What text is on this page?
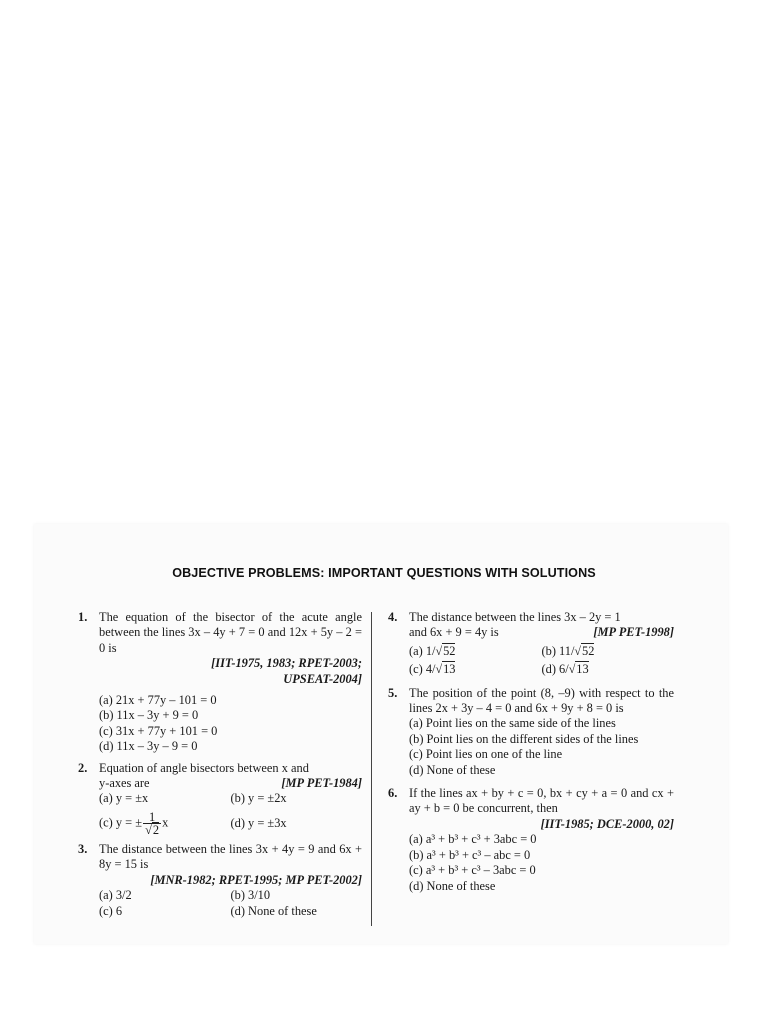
OBJECTIVE PROBLEMS: IMPORTANT QUESTIONS WITH SOLUTIONS
1. The equation of the bisector of the acute angle between the lines 3x – 4y + 7 = 0 and 12x + 5y – 2 = 0 is
[IIT-1975, 1983; RPET-2003;
UPSEAT-2004]
(a) 21x + 77y – 101 = 0
(b) 11x – 3y + 9 = 0
(c) 31x + 77y + 101 = 0
(d) 11x – 3y – 9 = 0
2. Equation of angle bisectors between x and
[MP PET-1984]
y-axes are
(a) y = ±x	(b) y = ±2x
(c) y = ± $\frac{1}{√2}$ x	(d) y = ±3x
3. The distance between the lines 3x + 4y = 9 and 6x + 8y = 15 is
[MNR-1982; RPET-1995; MP PET-2002]
(a) 3/2	(b) 3/10
(c) 6	(d) None of these
4. The distance between the lines 3x – 2y = 1
[MP PET-1998]
and 6x + 9 = 4y is
(a) 1/√52	(b) 11/√52
(c) 4/√13	(d) 6/√13
5. The position of the point (8, –9) with respect to the lines 2x + 3y – 4 = 0 and 6x + 9y + 8 = 0 is
(a) Point lies on the same side of the lines
(b) Point lies on the different sides of the lines
(c) Point lies on one of the line
(d) None of these
6. If the lines ax + by + c = 0, bx + cy + a = 0 and cx + ay + b = 0 be concurrent, then
[IIT-1985; DCE-2000, 02]
(a) a³ + b³ + c³ + 3abc = 0
(b) a³ + b³ + c³ – abc = 0
(c) a³ + b³ + c³ – 3abc = 0
(d) None of these
